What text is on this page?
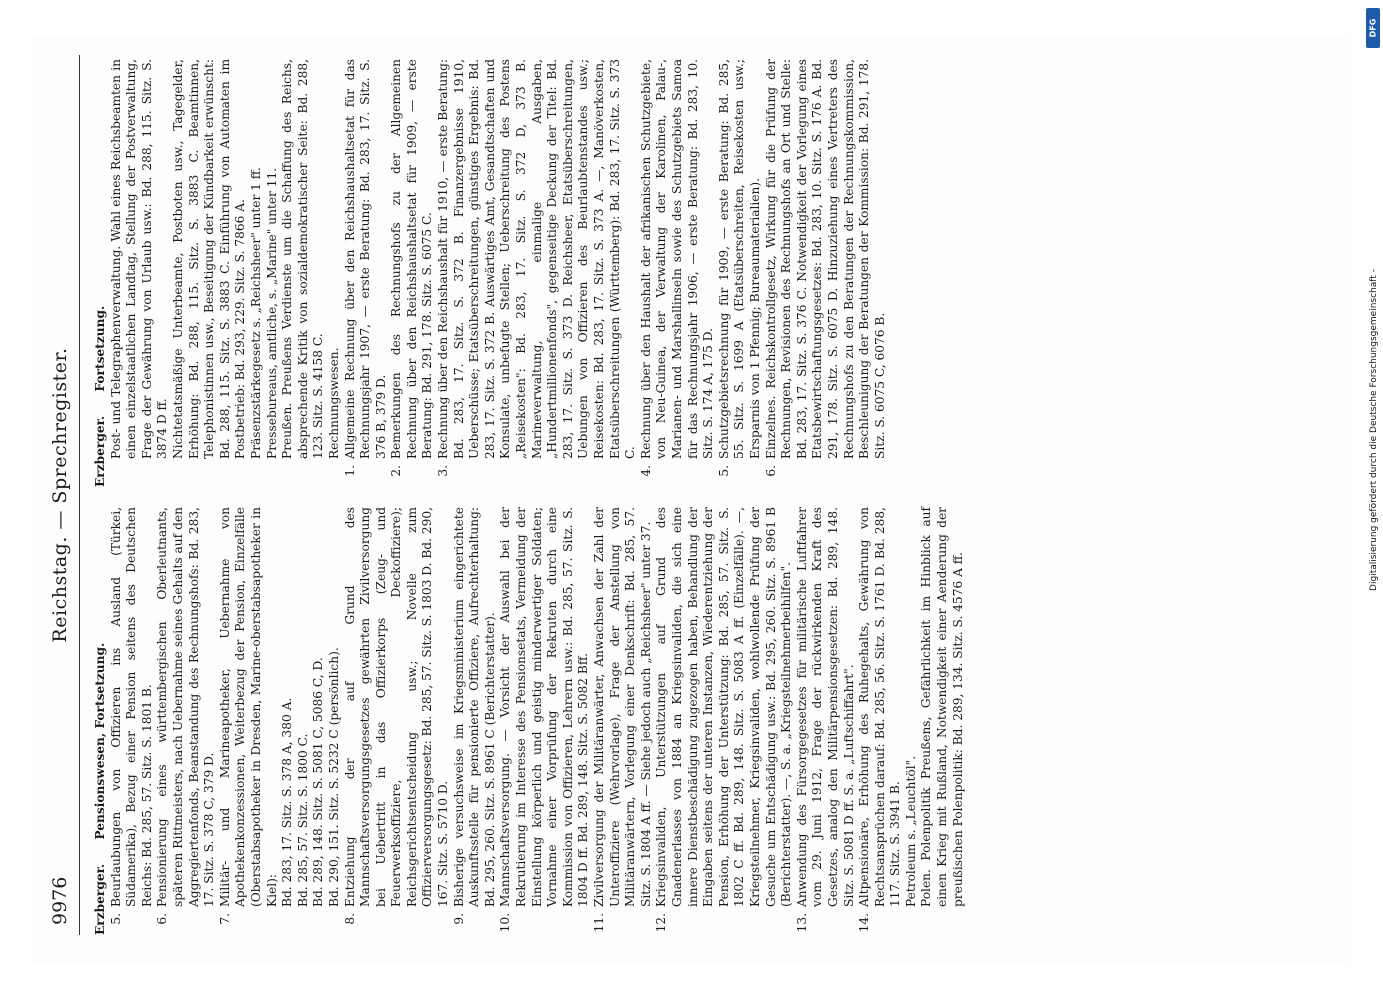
9976
Reichstag. — Sprechregister.
Erzberger. Pensionswesen, Fortsetzung.
5.
Beurlaubungen von Offizieren ins Ausland (Türkei, Südamerika), Bezug einer Pension seitens des Deutschen Reichs: Bd. 285, 57. Sitz. S. 1801 B.
6.
Pensionierung eines württembergischen Oberleutnants, späteren Rittmeisters, nach Uebernahme seines Gehalts auf den Aggregiertenfonds, Beanstandung des Rechnungshofs: Bd. 283, 17. Sitz. S. 378 C, 379 D.
7.
Militär- und Marineapotheker, Uebernahme von Apothekenkonzessionen, Weiterbezug der Pension, Einzelfälle (Oberstabsapotheker in Dresden, Marine-oberstabsapotheker in Kiel): Bd. 283, 17. Sitz. S. 378 A, 380 A. Bd. 285, 57. Sitz. S. 1800 C. Bd. 289, 148. Sitz. S. 5081 C, 5086 C, D. Bd. 290, 151. Sitz. S. 5232 C (persönlich).
8.
Entziehung der auf Grund des Mannschaftsversorgungsgesetzes gewährten Zivilversorgung bei Uebertritt in das Offizierkorps (Zeug- und Feuerwerksoffiziere, Deckoffiziere); Reichsgerichtsentscheidung usw.; Novelle zum Offizierversorgungsgesetz: Bd. 285, 57. Sitz. S. 1803 D. Bd. 290, 167. Sitz. S. 5710 D.
9.
Bisherige versuchsweise im Kriegsministerium eingerichtete Auskunftsstelle für pensionierte Offiziere, Aufrechterhaltung: Bd. 295, 260. Sitz. S. 8961 C (Berichterstatter).
10.
Mannschaftsversorgung. — Vorsicht der Auswahl bei der Rekrutierung im Interesse des Pensionsetats, Vermeidung der Einstellung körperlich und geistig minderwertiger Soldaten; Vornahme einer Vorprüfung der Rekruten durch eine Kommission von Offizieren, Lehrern usw.: Bd. 285, 57. Sitz. S. 1804 D ff. Bd. 289, 148. Sitz. S. 5082 Bff.
11.
Zivilversorgung der Militäranwärter, Anwachsen der Zahl der Unteroffiziere (Wehrvorlage), Frage der Anstellung von Militäranwärtern, Vorlegung einer Denkschrift: Bd. 285, 57. Sitz. S. 1804 A ff. — Siehe jedoch auch „Reichsheer" unter 37.
12.
Kriegsinvaliden, Unterstützungen auf Grund des Gnadenerlasses von 1884 an Kriegsinvaliden, die sich eine innere Dienstbeschädigung zugezogen haben, Behandlung der Eingaben seitens der unteren Instanzen, Wiederentziehung der Pension, Erhöhung der Unterstützung: Bd. 285, 57. Sitz. S. 1802 C ff. Bd. 289, 148. Sitz. S. 5083 A ff. (Einzelfälle). —, Kriegsteilnehmer, Kriegsinvaliden, wohlwollende Prüfung der Gesuche um Entschädigung usw.: Bd. 295, 260. Sitz. S. 8961 B (Berichterstatter). —, S. a. „Kriegsteilnehmerbeihilfen".
13.
Anwendung des Fürsorgegesetzes für militärische Luftfahrer vom 29. Juni 1912, Frage der rückwirkenden Kraft des Gesetzes, analog den Militärpensionsgesetzen: Bd. 289, 148. Sitz. S. 5081 D ff. S. a. „Luftschiffahrt".
14.
Altpensionäre, Erhöhung des Ruhegehalts, Gewährung von Rechtsansprüchen darauf: Bd. 285, 56. Sitz. S. 1761 D. Bd. 288, 117. Sitz. S. 3941 B. Petroleum s. „Leuchtöl". Polen. Polenpolitik Preußens, Gefährlichkeit im Hinblick auf einen Krieg mit Rußland, Notwendigkeit einer Aenderung der preußischen Polenpolitik: Bd. 289, 134. Sitz. S. 4576 A ff.
Erzberger. Fortsetzung. Post- und Telegraphenverwaltung. Wahl eines Reichsbeamten in einen einzelstaatlichen Landtag, Stellung der Postverwaltung, Frage der Gewährung von Urlaub usw.: Bd. 288, 115. Sitz. S. 3874 D ff. Nichtetatsmäßige Unterbeamte, Postboten usw., Tagegelder, Erhöhung: Bd. 288, 115. Sitz. S. 3883 C. Beamtinnen, Telephonistinnen usw., Beseitigung der Kündbarkeit erwünscht: Bd. 288, 115. Sitz. S. 3883 C. Einführung von Automaten im Postbetrieb: Bd. 293, 229. Sitz. S. 7866 A. Präsenzstärkegesetz s. „Reichsheer" unter 1 ff. Pressebureaus, amtliche, s. „Marine" unter 11. Preußen. Preußens Verdienste um die Schaffung des Reichs, absprechende Kritik von sozialdemokratischer Seite: Bd. 288, 123. Sitz. S. 4158 C. Rechnungswesen.
1.
Allgemeine Rechnung über den Reichshaushaltsetat für das Rechnungsjahr 1907, — erste Beratung: Bd. 283, 17. Sitz. S. 376 B, 379 D.
2.
Bemerkungen des Rechnungshofs zu der Allgemeinen Rechnung über den Reichshaushaltsetat für 1909, — erste Beratung: Bd. 291, 178. Sitz. S. 6075 C.
3.
Rechnung über den Reichshaushalt für 1910, — erste Beratung: Bd. 283, 17. Sitz. S. 372 B. Finanzergebnisse 1910, Ueberschüsse; Etatsüberschreitungen, günstiges Ergebnis: Bd. 283, 17. Sitz. S. 372 B. Auswärtiges Amt, Gesandtschaften und Konsulate, unbefugte Stellen; Ueberschreitung des Postens „Reisekosten": Bd. 283, 17. Sitz. S. 372 D, 373 B. Marineverwaltung, einmalige Ausgaben, „Hundertmillionenfonds", gegenseitige Deckung der Titel: Bd. 283, 17. Sitz. S. 373 D. Reichsheer, Etatsüberschreitungen, Uebungen von Offizieren des Beurlaubtenstandes usw.; Reisekosten: Bd. 283, 17. Sitz. S. 373 A. —, Manöverkosten, Etatsüberschreitungen (Württemberg): Bd. 283, 17. Sitz. S. 373 C.
4.
Rechnung über den Haushalt der afrikanischen Schutzgebiete, von Neu-Guinea, der Verwaltung der Karolinen, Palau-, Marianen- und Marshallinseln sowie des Schutzgebiets Samoa für das Rechnungsjahr 1906, — erste Beratung: Bd. 283, 10. Sitz. S. 174 A, 175 D.
5.
Schutzgebietsrechnung für 1909, — erste Beratung: Bd. 285, 55. Sitz. S. 1699 A (Etatsüberschreiten, Reisekosten usw.; Ersparnis von 1 Pfennig; Bureaumaterialien).
6.
Einzelnes. Reichskontrollgesetz, Wirkung für die Prüfung der Rechnungen, Revisionen des Rechnungshofs an Ort und Stelle: Bd. 283, 17. Sitz. S. 376 C. Notwendigkeit der Vorlegung eines Etatsbewirtschaftungsgesetzes: Bd. 283, 10. Sitz. S. 176 A. Bd. 291, 178. Sitz. S. 6075 D. Hinzuziehung eines Vertreters des Rechnungshofs zu den Beratungen der Rechnungskommission, Beschleunigung der Beratungen der Kommission: Bd. 291, 178. Sitz. S. 6075 C, 6076 B.
DFG
Digitalisierung gefördert durch die Deutsche Forschungsgemeinschaft -
